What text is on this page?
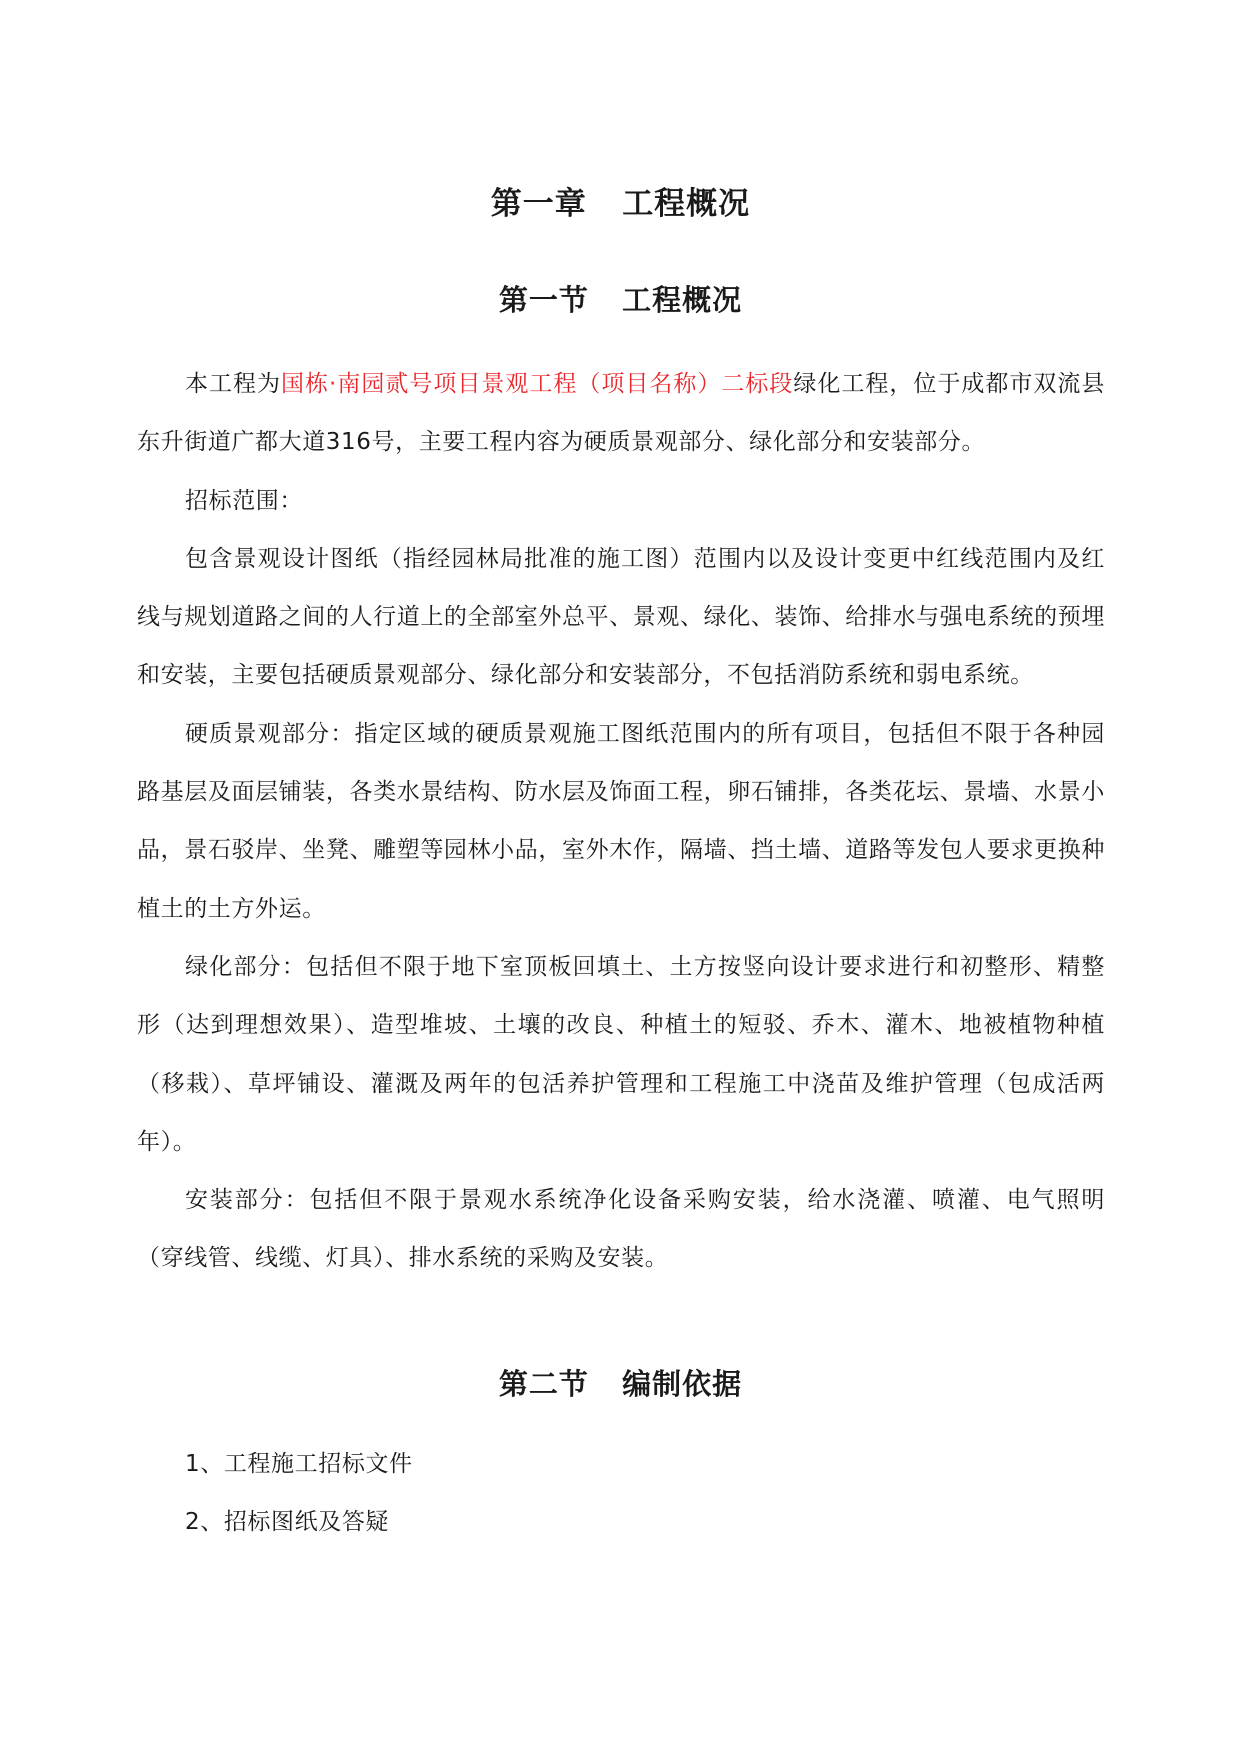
第一章 工程概况
第一节 工程概况

本工程为国栋·南园贰号项目景观工程（项目名称）二标段绿化工程，位于成都市双流县东升街道广都大道316号，主要工程内容为硬质景观部分、绿化部分和安装部分。

招标范围：

包含景观设计图纸（指经园林局批准的施工图）范围内以及设计变更中红线范围内及红线与规划道路之间的人行道上的全部室外总平、景观、绿化、装饰、给排水与强电系统的预埋和安装，主要包括硬质景观部分、绿化部分和安装部分，不包括消防系统和弱电系统。

硬质景观部分：指定区域的硬质景观施工图纸范围内的所有项目，包括但不限于各种园路基层及面层铺装，各类水景结构、防水层及饰面工程，卵石铺排，各类花坛、景墙、水景小品，景石驳岸、坐凳、雕塑等园林小品，室外木作，隔墙、挡土墙、道路等发包人要求更换种植土的土方外运。

绿化部分：包括但不限于地下室顶板回填土、土方按竖向设计要求进行和初整形、精整形（达到理想效果）、造型堆坡、土壤的改良、种植土的短驳、乔木、灌木、地被植物种植（移栽）、草坪铺设、灌溉及两年的包活养护管理和工程施工中浇苗及维护管理（包成活两年）。

安装部分：包括但不限于景观水系统净化设备采购安装，给水浇灌、喷灌、电气照明（穿线管、线缆、灯具）、排水系统的采购及安装。

第二节 编制依据

1、工程施工招标文件

2、招标图纸及答疑
